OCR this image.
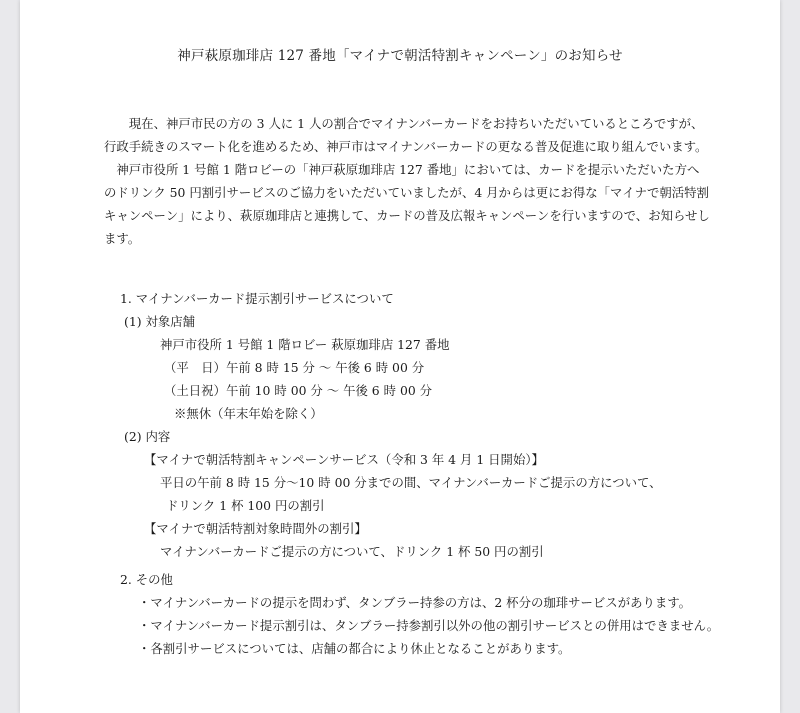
神戸萩原珈琲店 127 番地「マイナで朝活特割キャンペーン」のお知らせ

現在、神戸市民の方の 3 人に 1 人の割合でマイナンバーカードをお持ちいただいているところですが、

行政手続きのスマート化を進めるため、神戸市はマイナンバーカードの更なる普及促進に取り組んでいます。

神戸市役所 1 号館 1 階ロビーの「神戸萩原珈琲店 127 番地」においては、カードを提示いただいた方へ

のドリンク 50 円割引サービスのご協力をいただいていましたが、4 月からは更にお得な「マイナで朝活特割

キャンペーン」により、萩原珈琲店と連携して、カードの普及広報キャンペーンを行いますので、お知らせし

ます。

1. マイナンバーカード提示割引サービスについて
(1) 対象店舗
神戸市役所 1 号館 1 階ロビー 萩原珈琲店 127 番地
（平　日）午前 8 時 15 分 ～ 午後 6 時 00 分
（土日祝）午前 10 時 00 分 ～ 午後 6 時 00 分
※無休（年末年始を除く）
(2) 内容
【マイナで朝活特割キャンペーンサービス（令和 3 年 4 月 1 日開始）】
平日の午前 8 時 15 分～10 時 00 分までの間、マイナンバーカードご提示の方について、
ドリンク 1 杯 100 円の割引
【マイナで朝活特割対象時間外の割引】
マイナンバーカードご提示の方について、ドリンク 1 杯 50 円の割引
2. その他
・マイナンバーカードの提示を問わず、タンブラー持参の方は、2 杯分の珈琲サービスがあります。
・マイナンバーカード提示割引は、タンブラー持参割引以外の他の割引サービスとの併用はできません。
・各割引サービスについては、店舗の都合により休止となることがあります。
